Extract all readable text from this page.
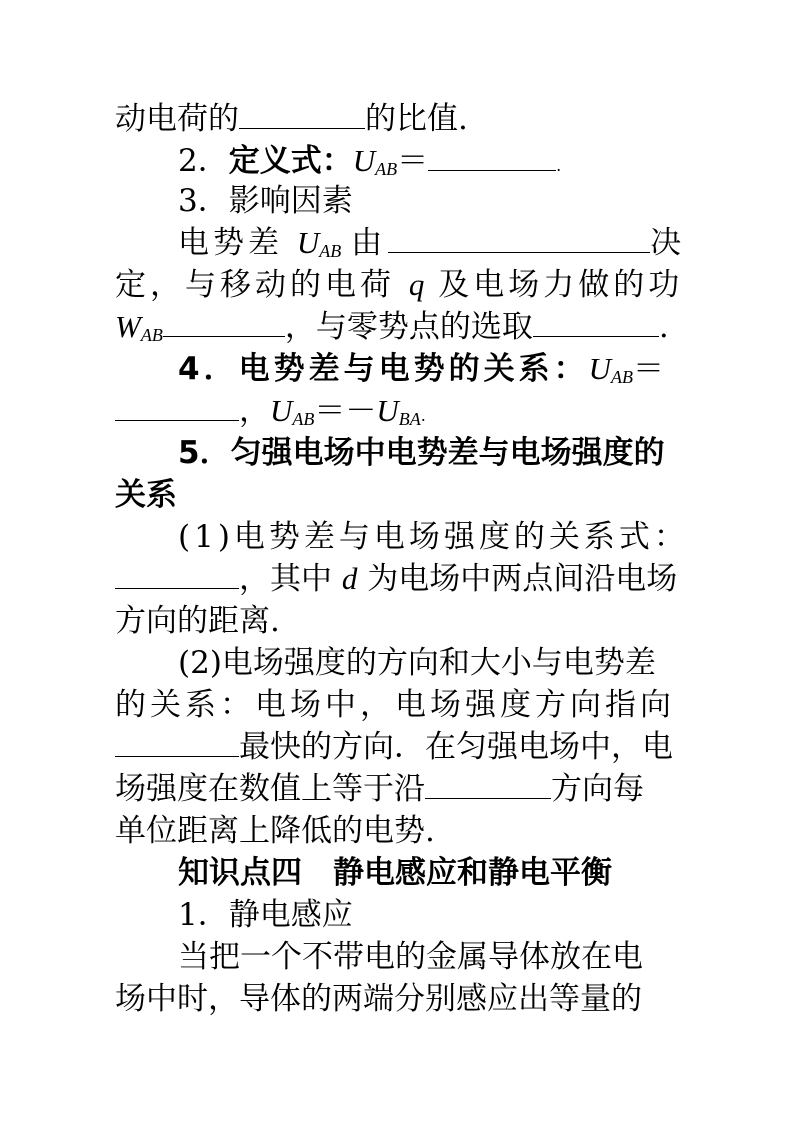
动电荷的	的比值.
2．定义式：$U_{AB}=$	.
3．影响因素
电势差 $U_{AB}$ 由	决
定，与移动的电荷 q 及电场力做的功
$W_{AB}$	，与零势点的选取	.
4．电势差与电势的关系：$U_{AB}=$
，$U_{AB}=-U_{BA}$.
5．匀强电场中电势差与电场强度的
关系
(1)电势差与电场强度的关系式：
，其中 d 为电场中两点间沿电场
方向的距离.
(2)电场强度的方向和大小与电势差
的关系：电场中，电场强度方向指向
最快的方向．在匀强电场中，电
场强度在数值上等于沿	方向每
单位距离上降低的电势.
知识点四　静电感应和静电平衡
1．静电感应
当把一个不带电的金属导体放在电
场中时，导体的两端分别感应出等量的
